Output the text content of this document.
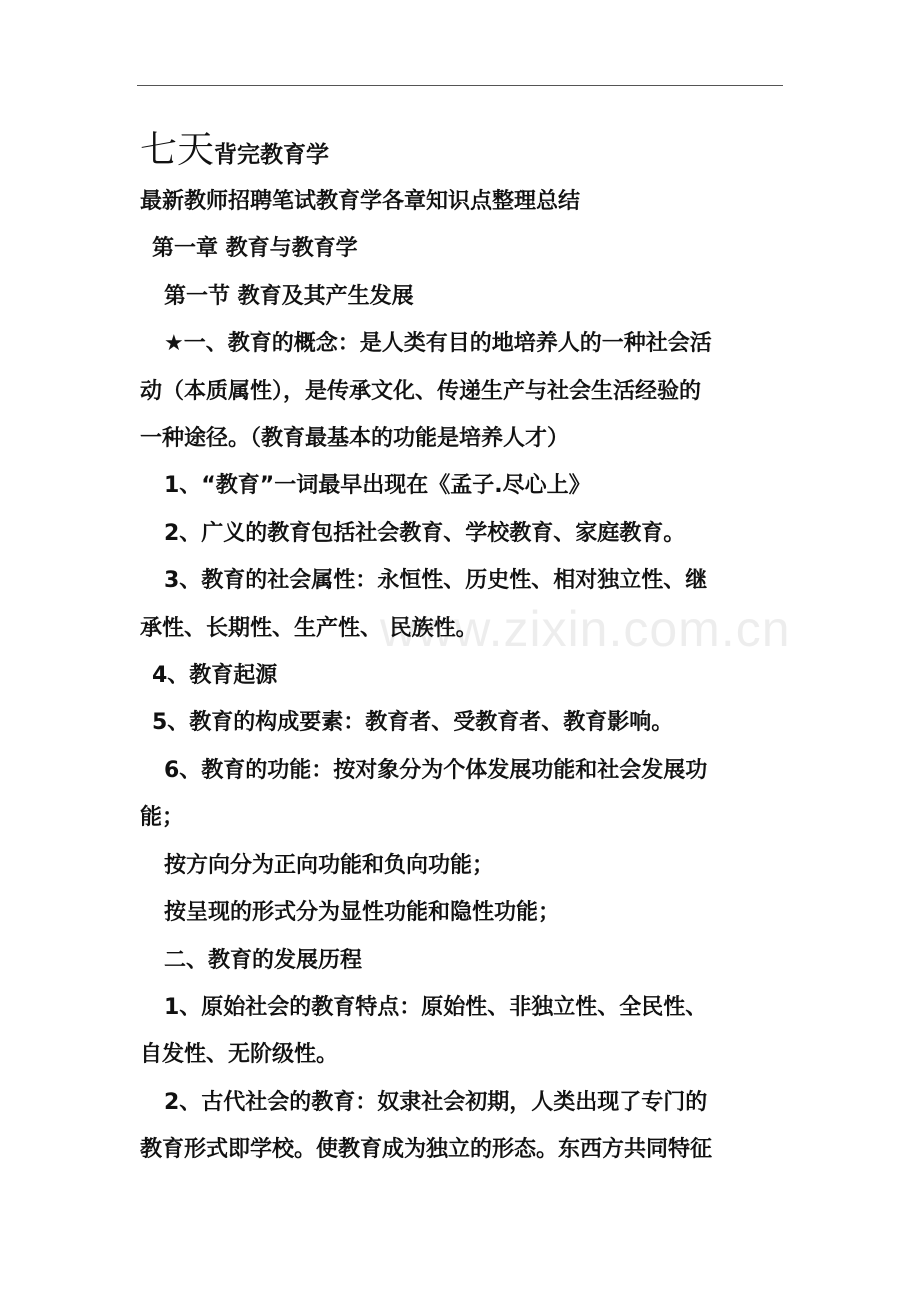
www.zixin.com.cn
七天背完教育学
最新教师招聘笔试教育学各章知识点整理总结
第一章 教育与教育学
第一节 教育及其产生发展
★一、教育的概念：是人类有目的地培养人的一种社会活
动（本质属性），是传承文化、传递生产与社会生活经验的
一种途径。（教育最基本的功能是培养人才）
1、“教育”一词最早出现在《孟子.尽心上》
2、广义的教育包括社会教育、学校教育、家庭教育。
3、教育的社会属性：永恒性、历史性、相对独立性、继
承性、长期性、生产性、 民族性。
4、教育起源
5、教育的构成要素：教育者、受教育者、教育影响。
6、教育的功能：按对象分为个体发展功能和社会发展功
能；
按方向分为正向功能和负向功能；
按呈现的形式分为显性功能和隐性功能；
二、教育的发展历程
1、原始社会的教育特点：原始性、非独立性、全民性、
自发性、无阶级性。
2、古代社会的教育：奴隶社会初期，人类出现了专门的
教育形式即学校。使教育成为独立的形态。东西方共同特征
